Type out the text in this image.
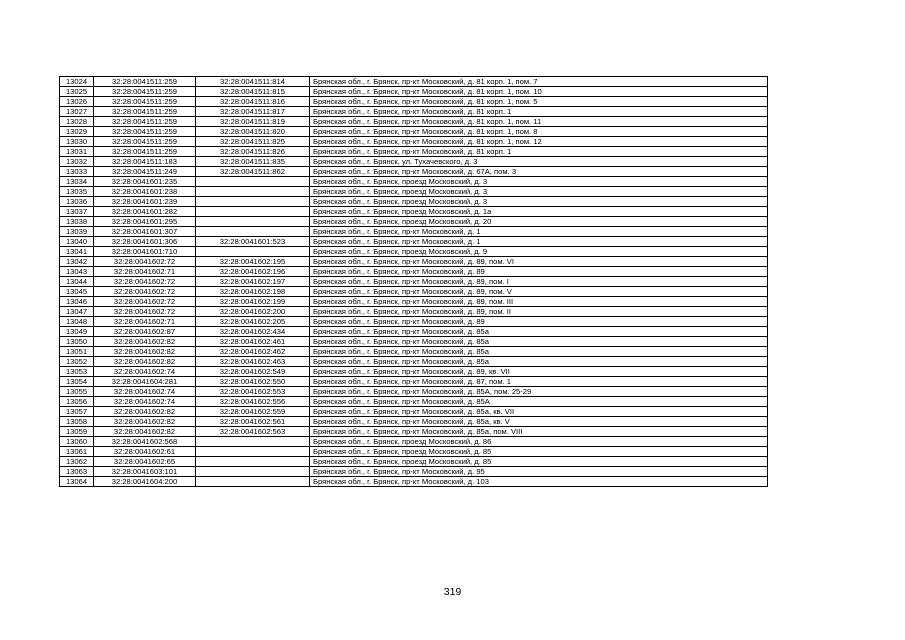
13024	32:28:0041511:259	32:28:0041511:814	Брянская обл., г. Брянск, пр-кт Московский, д. 81 корп. 1, пом. 7
13025	32:28:0041511:259	32:28:0041511:815	Брянская обл., г. Брянск, пр-кт Московский, д. 81 корп. 1, пом. 10
13026	32:28:0041511:259	32:28:0041511:816	Брянская обл., г. Брянск, пр-кт Московский, д. 81 корп. 1, пом. 5
13027	32:28:0041511:259	32:28:0041511:817	Брянская обл., г. Брянск, пр-кт Московский, д. 81 корп. 1
13028	32:28:0041511:259	32:28:0041511:819	Брянская обл., г. Брянск, пр-кт Московский, д. 81 корп. 1, пом. 11
13029	32:28:0041511:259	32:28:0041511:820	Брянская обл., г. Брянск, пр-кт Московский, д. 81 корп. 1, пом. 8
13030	32:28:0041511:259	32:28:0041511:825	Брянская обл., г. Брянск, пр-кт Московский, д. 81 корп. 1, пом. 12
13031	32:28:0041511:259	32:28:0041511:826	Брянская обл., г. Брянск, пр-кт Московский, д. 81 корп. 1
13032	32:28:0041511:183	32:28:0041511:835	Брянская обл., г. Брянск, ул. Тухачевского, д. 3
13033	32:28:0041511:249	32:28:0041511:862	Брянская обл., г. Брянск, пр-кт Московский, д. 67А, пом. 3
13034	32:28:0041601:235		Брянская обл., г. Брянск, проезд Московский, д. 3
13035	32:28:0041601:238		Брянская обл., г. Брянск, проезд Московский, д. 3
13036	32:28:0041601:239		Брянская обл., г. Брянск, проезд Московский, д. 3
13037	32:28:0041601:282		Брянская обл., г. Брянск, проезд Московский, д. 1а
13038	32:28:0041601:295		Брянская обл., г. Брянск, проезд Московский, д. 20
13039	32:28:0041601:307		Брянская обл., г. Брянск, пр-кт Московский, д. 1
13040	32:28:0041601:306	32:28:0041601:523	Брянская обл., г. Брянск, пр-кт Московский, д. 1
13041	32:28:0041601:710		Брянская обл., г. Брянск, проезд Московский, д. 9
13042	32:28:0041602:72	32:28:0041602:195	Брянская обл., г. Брянск, пр-кт Московский, д. 89, пом. VI
13043	32:28:0041602:71	32:28:0041602:196	Брянская обл., г. Брянск, пр-кт Московский, д. 89
13044	32:28:0041602:72	32:28:0041602:197	Брянская обл., г. Брянск, пр-кт Московский, д. 89, пом. I
13045	32:28:0041602:72	32:28:0041602:198	Брянская обл., г. Брянск, пр-кт Московский, д. 89, пом. V
13046	32:28:0041602:72	32:28:0041602:199	Брянская обл., г. Брянск, пр-кт Московский, д. 89, пом. III
13047	32:28:0041602:72	32:28:0041602:200	Брянская обл., г. Брянск, пр-кт Московский, д. 89, пом. II
13048	32:28:0041602:71	32:28:0041602:205	Брянская обл., г. Брянск, пр-кт Московский, д. 89
13049	32:28:0041602:87	32:28:0041602:434	Брянская обл., г. Брянск, пр-кт Московский, д. 85а
13050	32:28:0041602:82	32:28:0041602:461	Брянская обл., г. Брянск, пр-кт Московский, д. 85а
13051	32:28:0041602:82	32:28:0041602:462	Брянская обл., г. Брянск, пр-кт Московский, д. 85а
13052	32:28:0041602:82	32:28:0041602:463	Брянская обл., г. Брянск, пр-кт Московский, д. 85а
13053	32:28:0041602:74	32:28:0041602:549	Брянская обл., г. Брянск, пр-кт Московский, д. 89, кв. VII
13054	32:28:0041604:281	32:28:0041602:550	Брянская обл., г. Брянск, пр-кт Московский, д. 87, пом. 1
13055	32:28:0041602:74	32:28:0041602:553	Брянская обл., г. Брянск, пр-кт Московский, д. 85А, пом. 25-29
13056	32:28:0041602:74	32:28:0041602:556	Брянская обл., г. Брянск, пр-кт Московский, д. 85А
13057	32:28:0041602:82	32:28:0041602:559	Брянская обл., г. Брянск, пр-кт Московский, д. 85а, кв. VII
13058	32:28:0041602:82	32:28:0041602:561	Брянская обл., г. Брянск, пр-кт Московский, д. 85а, кв. V
13059	32:28:0041602:82	32:28:0041602:563	Брянская обл., г. Брянск, пр-кт Московский, д. 85а, пом. VIII
13060	32:28:0041602:568		Брянская обл., г. Брянск, проезд Московский, д. 86
13061	32:28:0041602:61		Брянская обл., г. Брянск, проезд Московский, д. 85
13062	32:28:0041602:65		Брянская обл., г. Брянск, проезд Московский, д. 85
13063	32:28:0041603:101		Брянская обл., г. Брянск, пр-кт Московский, д. 95
13064	32:28:0041604:200		Брянская обл., г. Брянск, пр-кт Московский, д. 103
319
